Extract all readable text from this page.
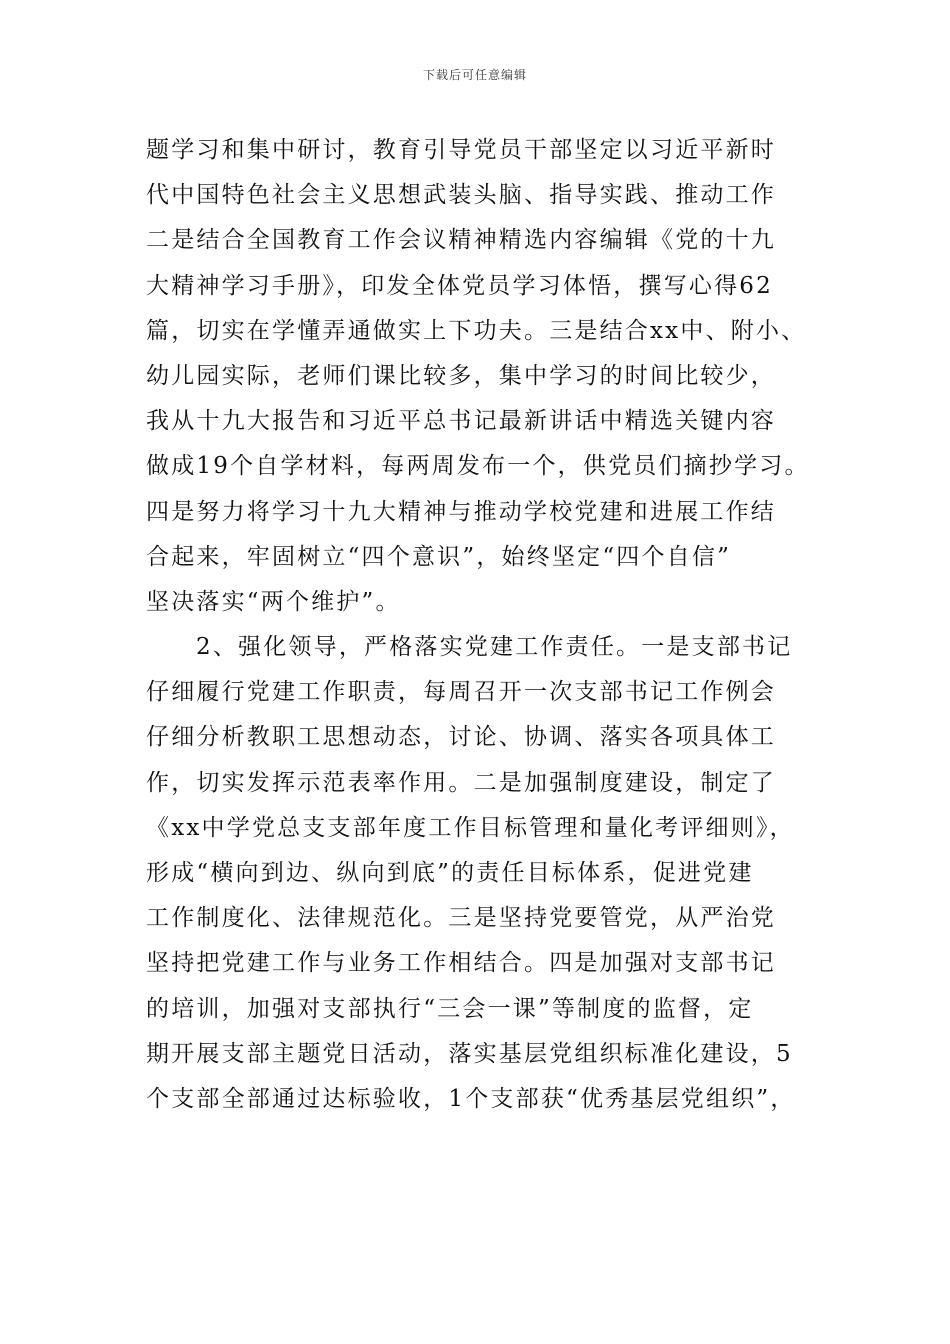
下载后可任意编辑
题学习和集中研讨，教育引导党员干部坚定以习近平新时
代中国特色社会主义思想武装头脑、指导实践、推动工作
二是结合全国教育工作会议精神精选内容编辑《党的十九
大精神学习手册》，印发全体党员学习体悟，撰写心得62
篇，切实在学懂弄通做实上下功夫。三是结合xx中、附小、
幼儿园实际，老师们课比较多，集中学习的时间比较少，
我从十九大报告和习近平总书记最新讲话中精选关键内容
做成19个自学材料，每两周发布一个，供党员们摘抄学习。
四是努力将学习十九大精神与推动学校党建和进展工作结
合起来，牢固树立“四个意识”，始终坚定“四个自信”
坚决落实“两个维护”。
2、强化领导，严格落实党建工作责任。一是支部书记
仔细履行党建工作职责，每周召开一次支部书记工作例会
仔细分析教职工思想动态，讨论、协调、落实各项具体工
作，切实发挥示范表率作用。二是加强制度建设，制定了
《xx中学党总支支部年度工作目标管理和量化考评细则》，
形成“横向到边、纵向到底”的责任目标体系，促进党建
工作制度化、法律规范化。三是坚持党要管党，从严治党
坚持把党建工作与业务工作相结合。四是加强对支部书记
的培训，加强对支部执行“三会一课”等制度的监督，定
期开展支部主题党日活动，落实基层党组织标准化建设，5
个支部全部通过达标验收，1个支部获“优秀基层党组织”，
